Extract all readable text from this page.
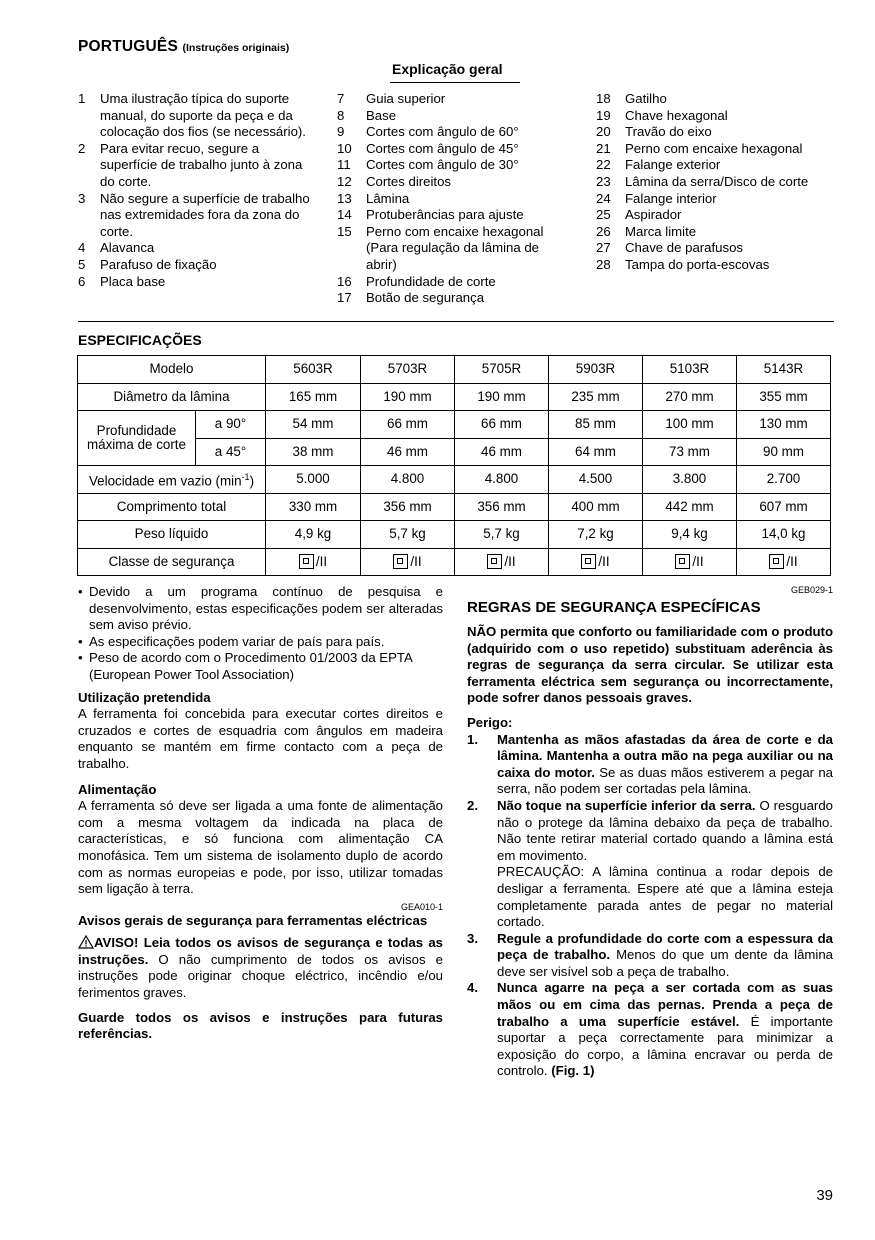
PORTUGUÊS (Instruções originais)
Explicação geral
1	Uma ilustração típica do suporte manual, do suporte da peça e da colocação dos fios (se necessário).
2	Para evitar recuo, segure a superfície de trabalho junto à zona do corte.
3	Não segure a superfície de trabalho nas extremidades fora da zona do corte.
4	Alavanca
5	Parafuso de fixação
6	Placa base
7	Guia superior
8	Base
9	Cortes com ângulo de 60°
10	Cortes com ângulo de 45°
11	Cortes com ângulo de 30°
12	Cortes direitos
13	Lâmina
14	Protuberâncias para ajuste
15	Perno com encaixe hexagonal (Para regulação da lâmina de abrir)
16	Profundidade de corte
17	Botão de segurança
18	Gatilho
19	Chave hexagonal
20	Travão do eixo
21	Perno com encaixe hexagonal
22	Falange exterior
23	Lâmina da serra/Disco de corte
24	Falange interior
25	Aspirador
26	Marca limite
27	Chave de parafusos
28	Tampa do porta-escovas
ESPECIFICAÇÕES
Modelo		5603R	5703R	5705R	5903R	5103R	5143R
Diâmetro da lâmina		165 mm	190 mm	190 mm	235 mm	270 mm	355 mm
Profundidade máxima de corte	a 90°	54 mm	66 mm	66 mm	85 mm	100 mm	130 mm
	a 45°	38 mm	46 mm	46 mm	64 mm	73 mm	90 mm
Velocidade em vazio $(\min^{-1})$		5.000	4.800	4.800	4.500	3.800	2.700
Comprimento total		330 mm	356 mm	356 mm	400 mm	442 mm	607 mm
Peso líquido		4,9 kg	5,7 kg	5,7 kg	7,2 kg	9,4 kg	14,0 kg
Classe de segurança		/II	/II	/II	/II	/II	/II
• Devido a um programa contínuo de pesquisa e desenvolvimento, estas especificações podem ser alteradas sem aviso prévio.
• As especificações podem variar de país para país.
• Peso de acordo com o Procedimento 01/2003 da EPTA (European Power Tool Association)
Utilização pretendida
A ferramenta foi concebida para executar cortes direitos e cruzados e cortes de esquadria com ângulos em madeira enquanto se mantém em firme contacto com a peça de trabalho.
Alimentação
A ferramenta só deve ser ligada a uma fonte de alimentação com a mesma voltagem da indicada na placa de características, e só funciona com alimentação CA monofásica. Tem um sistema de isolamento duplo de acordo com as normas europeias e pode, por isso, utilizar tomadas sem ligação à terra.
GEA010-1
Avisos gerais de segurança para ferramentas eléctricas
AVISO! Leia todos os avisos de segurança e todas as instruções. O não cumprimento de todos os avisos e instruções pode originar choque eléctrico, incêndio e/ou ferimentos graves.
Guarde todos os avisos e instruções para futuras referências.
GEB029-1
REGRAS DE SEGURANÇA ESPECÍFICAS
NÃO permita que conforto ou familiaridade com o produto (adquirido com o uso repetido) substituam aderência às regras de segurança da serra circular. Se utilizar esta ferramenta eléctrica sem segurança ou incorrectamente, pode sofrer danos pessoais graves.
Perigo:
1.	Mantenha as mãos afastadas da área de corte e da lâmina. Mantenha a outra mão na pega auxiliar ou na caixa do motor. Se as duas mãos estiverem a pegar na serra, não podem ser cortadas pela lâmina.
2.	Não toque na superfície inferior da serra. O resguardo não o protege da lâmina debaixo da peça de trabalho. Não tente retirar material cortado quando a lâmina está em movimento.
PRECAUÇÃO: A lâmina continua a rodar depois de desligar a ferramenta. Espere até que a lâmina esteja completamente parada antes de pegar no material cortado.
3.	Regule a profundidade do corte com a espessura da peça de trabalho. Menos do que um dente da lâmina deve ser visível sob a peça de trabalho.
4.	Nunca agarre na peça a ser cortada com as suas mãos ou em cima das pernas. Prenda a peça de trabalho a uma superfície estável. É importante suportar a peça correctamente para minimizar a exposição do corpo, a lâmina encravar ou perda de controlo. (Fig. 1)
39
